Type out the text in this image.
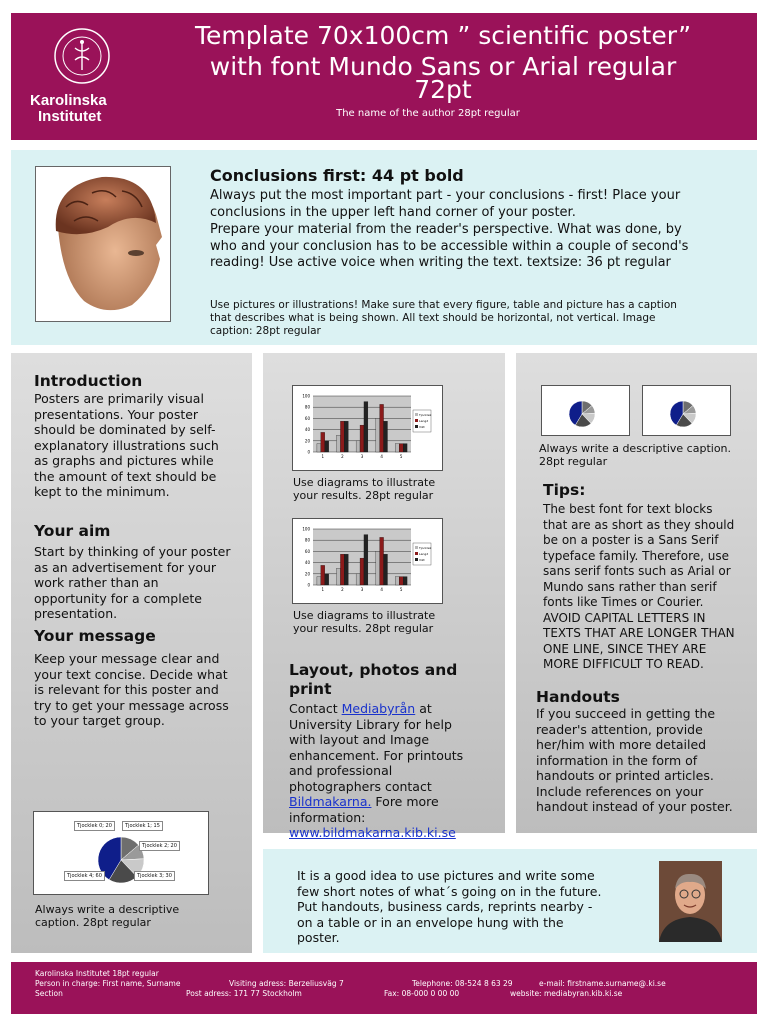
Karolinska
Institutet
Template 70x100cm ” scientific poster”
with font Mundo Sans or Arial regular
72pt
The name of the author 28pt regular
Conclusions first: 44 pt bold

Always put the most important part - your conclusions - first! Place your conclusions in the upper left hand corner of your poster.

Prepare your material from the reader's perspective. What was done, by who and your conclusion has to be accessible within a couple of second's reading! Use active voice when writing the text. textsize: 36 pt regular

Use pictures or illustrations! Make sure that every figure, table and picture has a caption that describes what is being shown. All text should be horizontal, not vertical. Image caption: 28pt regular

Introduction

Posters are primarily visual presentations. Your poster should be dominated by self-explanatory illustrations such as graphs and pictures while the amount of text should be kept to the minimum.

Your aim

Start by thinking of your poster as an advertisement for your work rather than an opportunity for a complete presentation.

Your message

Keep your message clear and your text concise. Decide what is relevant for this poster and try to get your message across to your target group.

Tjocklek 0; 20	Tjocklek 1; 15
Tjocklek 2; 20
Tjocklek 3; 30
Tjocklek 4; 60

Always write a descriptive caption. 28pt regular

0
20
40
60
80
100
1	2	3	4	5
Tjocklek
Langd
Vikt

Use diagrams to illustrate your results. 28pt regular

0
20
40
60
80
100
1	2	3	4	5
Tjocklek
Langd
Vikt

Use diagrams to illustrate your results. 28pt regular

Layout, photos and print

Contact Mediabyrån at University Library for help with layout and Image enhancement. For printouts and professional photographers contact Bildmakarna. Fore more information:
www.bildmakarna.kib.ki.se

Always write a descriptive caption. 28pt regular

Tips:

The best font for text blocks that are as short as they should be on a poster is a Sans Serif typeface family. Therefore, use sans serif fonts such as Arial or Mundo sans rather than serif fonts like Times or Courier.
AVOID CAPITAL LETTERS IN TEXTS THAT ARE LONGER THAN ONE LINE, SINCE THEY ARE MORE DIFFICULT TO READ.

Handouts

If you succeed in getting the reader's attention, provide her/him with more detailed information in the form of handouts or printed articles. Include references on your handout instead of your poster.

It is a good idea to use pictures and write some few short notes of what´s going on in the future. Put handouts, business cards, reprints nearby - on a table or in an envelope hung with the poster.

Karolinska Institutet 18pt regular
Person in charge: First name, Surname
Section
Visiting adress: Berzeliusväg 7
Post adress: 171 77 Stockholm
Telephone: 08-524 8 63 29
Fax: 08-000 0 00 00
e-mail: firstname.surname@.ki.se
website: mediabyran.kib.ki.se
